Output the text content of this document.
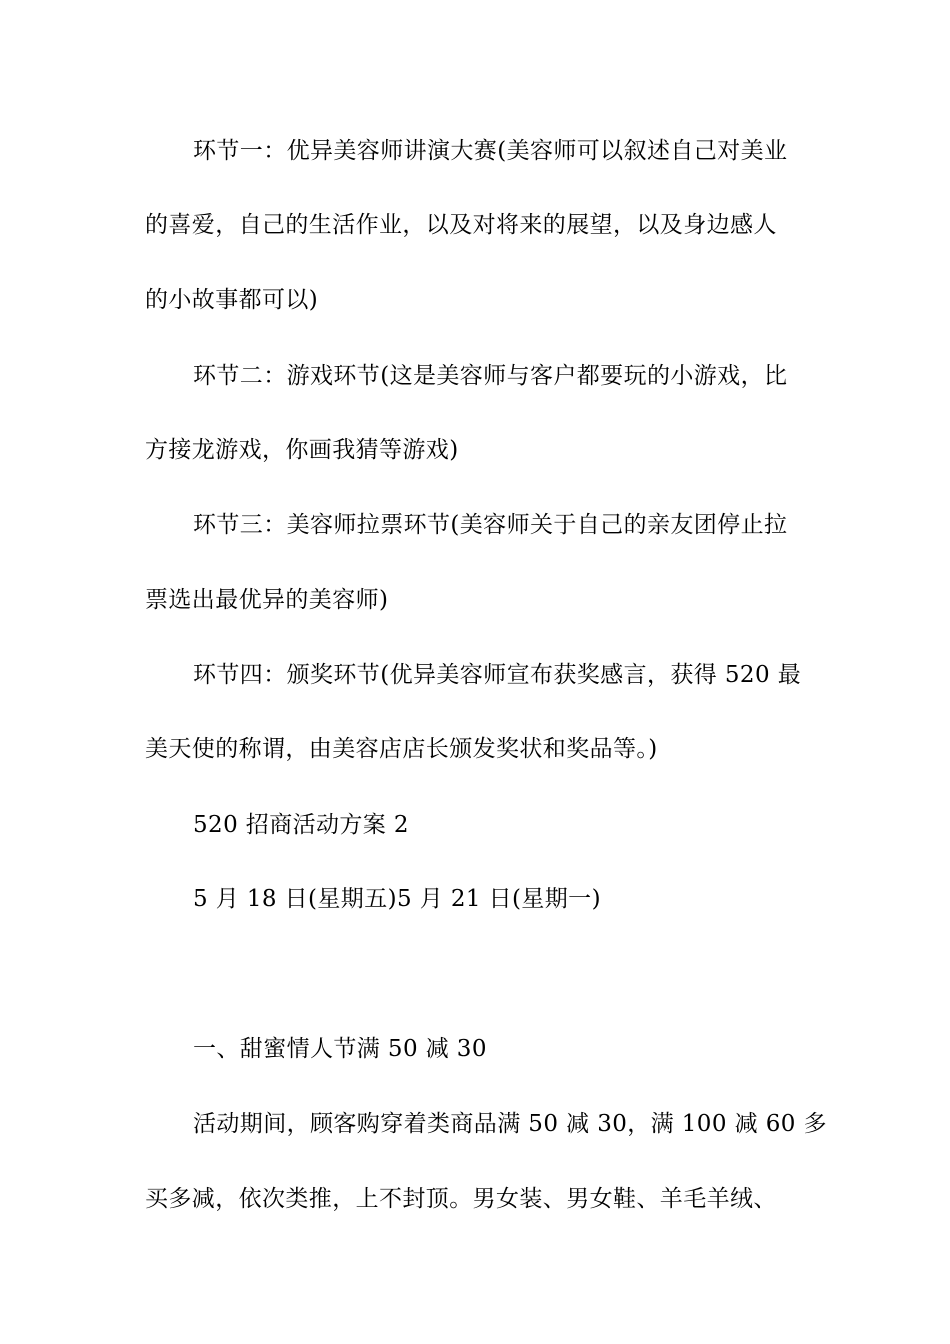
环节一：优异美容师讲演大赛(美容师可以叙述自己对美业
的喜爱，自己的生活作业，以及对将来的展望，以及身边感人
的小故事都可以)
环节二：游戏环节(这是美容师与客户都要玩的小游戏，比
方接龙游戏，你画我猜等游戏)
环节三：美容师拉票环节(美容师关于自己的亲友团停止拉
票选出最优异的美容师)
环节四：颁奖环节(优异美容师宣布获奖感言，获得 520 最
美天使的称谓，由美容店店长颁发奖状和奖品等。)
520 招商活动方案 2
5 月 18 日(星期五)5 月 21 日(星期一)
一、甜蜜情人节满 50 减 30
活动期间，顾客购穿着类商品满 50 减 30，满 100 减 60 多
买多减，依次类推，上不封顶。男女装、男女鞋、羊毛羊绒、
